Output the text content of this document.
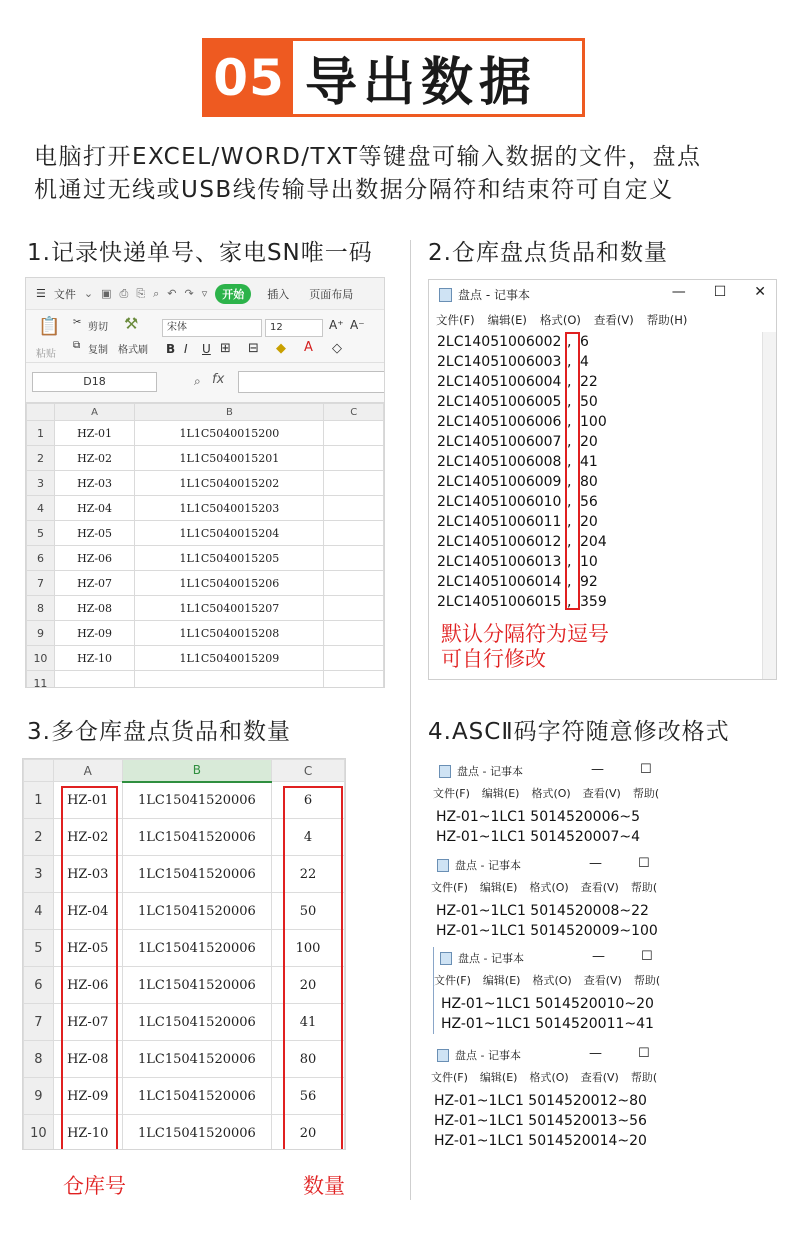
05 导出数据
电脑打开EXCEL/WORD/TXT等键盘可输入数据的文件，盘点
机通过无线或USB线传输导出数据分隔符和结束符可自定义
1.记录快递单号、家电SN唯一码 2.仓库盘点货品和数量
3.多仓库盘点货品和数量	4.ASCⅡ码字符随意修改格式
☰ 文件 ⌄ ▣ ⎙ ⎘ ⌕ ↶ ↷ ▿	开始	插入 页面布局
📋
粘贴
✂ 剪切
⧉ 复制
⚒
格式刷
宋体	12	A⁺ A⁻
B I U ⊞ ⊟ ◆ A ◇
D18	⌕ fx
	A	B	C
1	HZ-01	1L1C5040015200	
2	HZ-02	1L1C5040015201	
3	HZ-03	1L1C5040015202	
4	HZ-04	1L1C5040015203	
5	HZ-05	1L1C5040015204	
6	HZ-06	1L1C5040015205	
7	HZ-07	1L1C5040015206	
8	HZ-08	1L1C5040015207	
9	HZ-09	1L1C5040015208	
10	HZ-10	1L1C5040015209	
11			
盘点 - 记事本	— ☐ ✕
文件(F) 编辑(E) 格式(O) 查看(V) 帮助(H)
2LC14051006002 , 6
2LC14051006003 , 4
2LC14051006004 , 22
2LC14051006005 , 50
2LC14051006006 , 100
2LC14051006007 , 20
2LC14051006008 , 41
2LC14051006009 , 80
2LC14051006010 , 56
2LC14051006011 , 20
2LC14051006012 , 204
2LC14051006013 , 10
2LC14051006014 , 92
2LC14051006015 , 359
默认分隔符为逗号
可自行修改
	A	B	C
1	HZ-01	1LC15041520006	6
2	HZ-02	1LC15041520006	4
3	HZ-03	1LC15041520006	22
4	HZ-04	1LC15041520006	50
5	HZ-05	1LC15041520006	100
6	HZ-06	1LC15041520006	20
7	HZ-07	1LC15041520006	41
8	HZ-08	1LC15041520006	80
9	HZ-09	1LC15041520006	56
10	HZ-10	1LC15041520006	20
仓库号	数量
盘点 - 记事本	—	☐
文件(F) 编辑(E) 格式(O) 查看(V) 帮助(
HZ-01~1LC1 5014520006~5
HZ-01~1LC1 5014520007~4
盘点 - 记事本	—	☐
文件(F) 编辑(E) 格式(O) 查看(V) 帮助(
HZ-01~1LC1 5014520008~22
HZ-01~1LC1 5014520009~100
盘点 - 记事本	—	☐
文件(F) 编辑(E) 格式(O) 查看(V) 帮助(
HZ-01~1LC1 5014520010~20
HZ-01~1LC1 5014520011~41
盘点 - 记事本	—	☐
文件(F) 编辑(E) 格式(O) 查看(V) 帮助(
HZ-01~1LC1 5014520012~80
HZ-01~1LC1 5014520013~56
HZ-01~1LC1 5014520014~20
